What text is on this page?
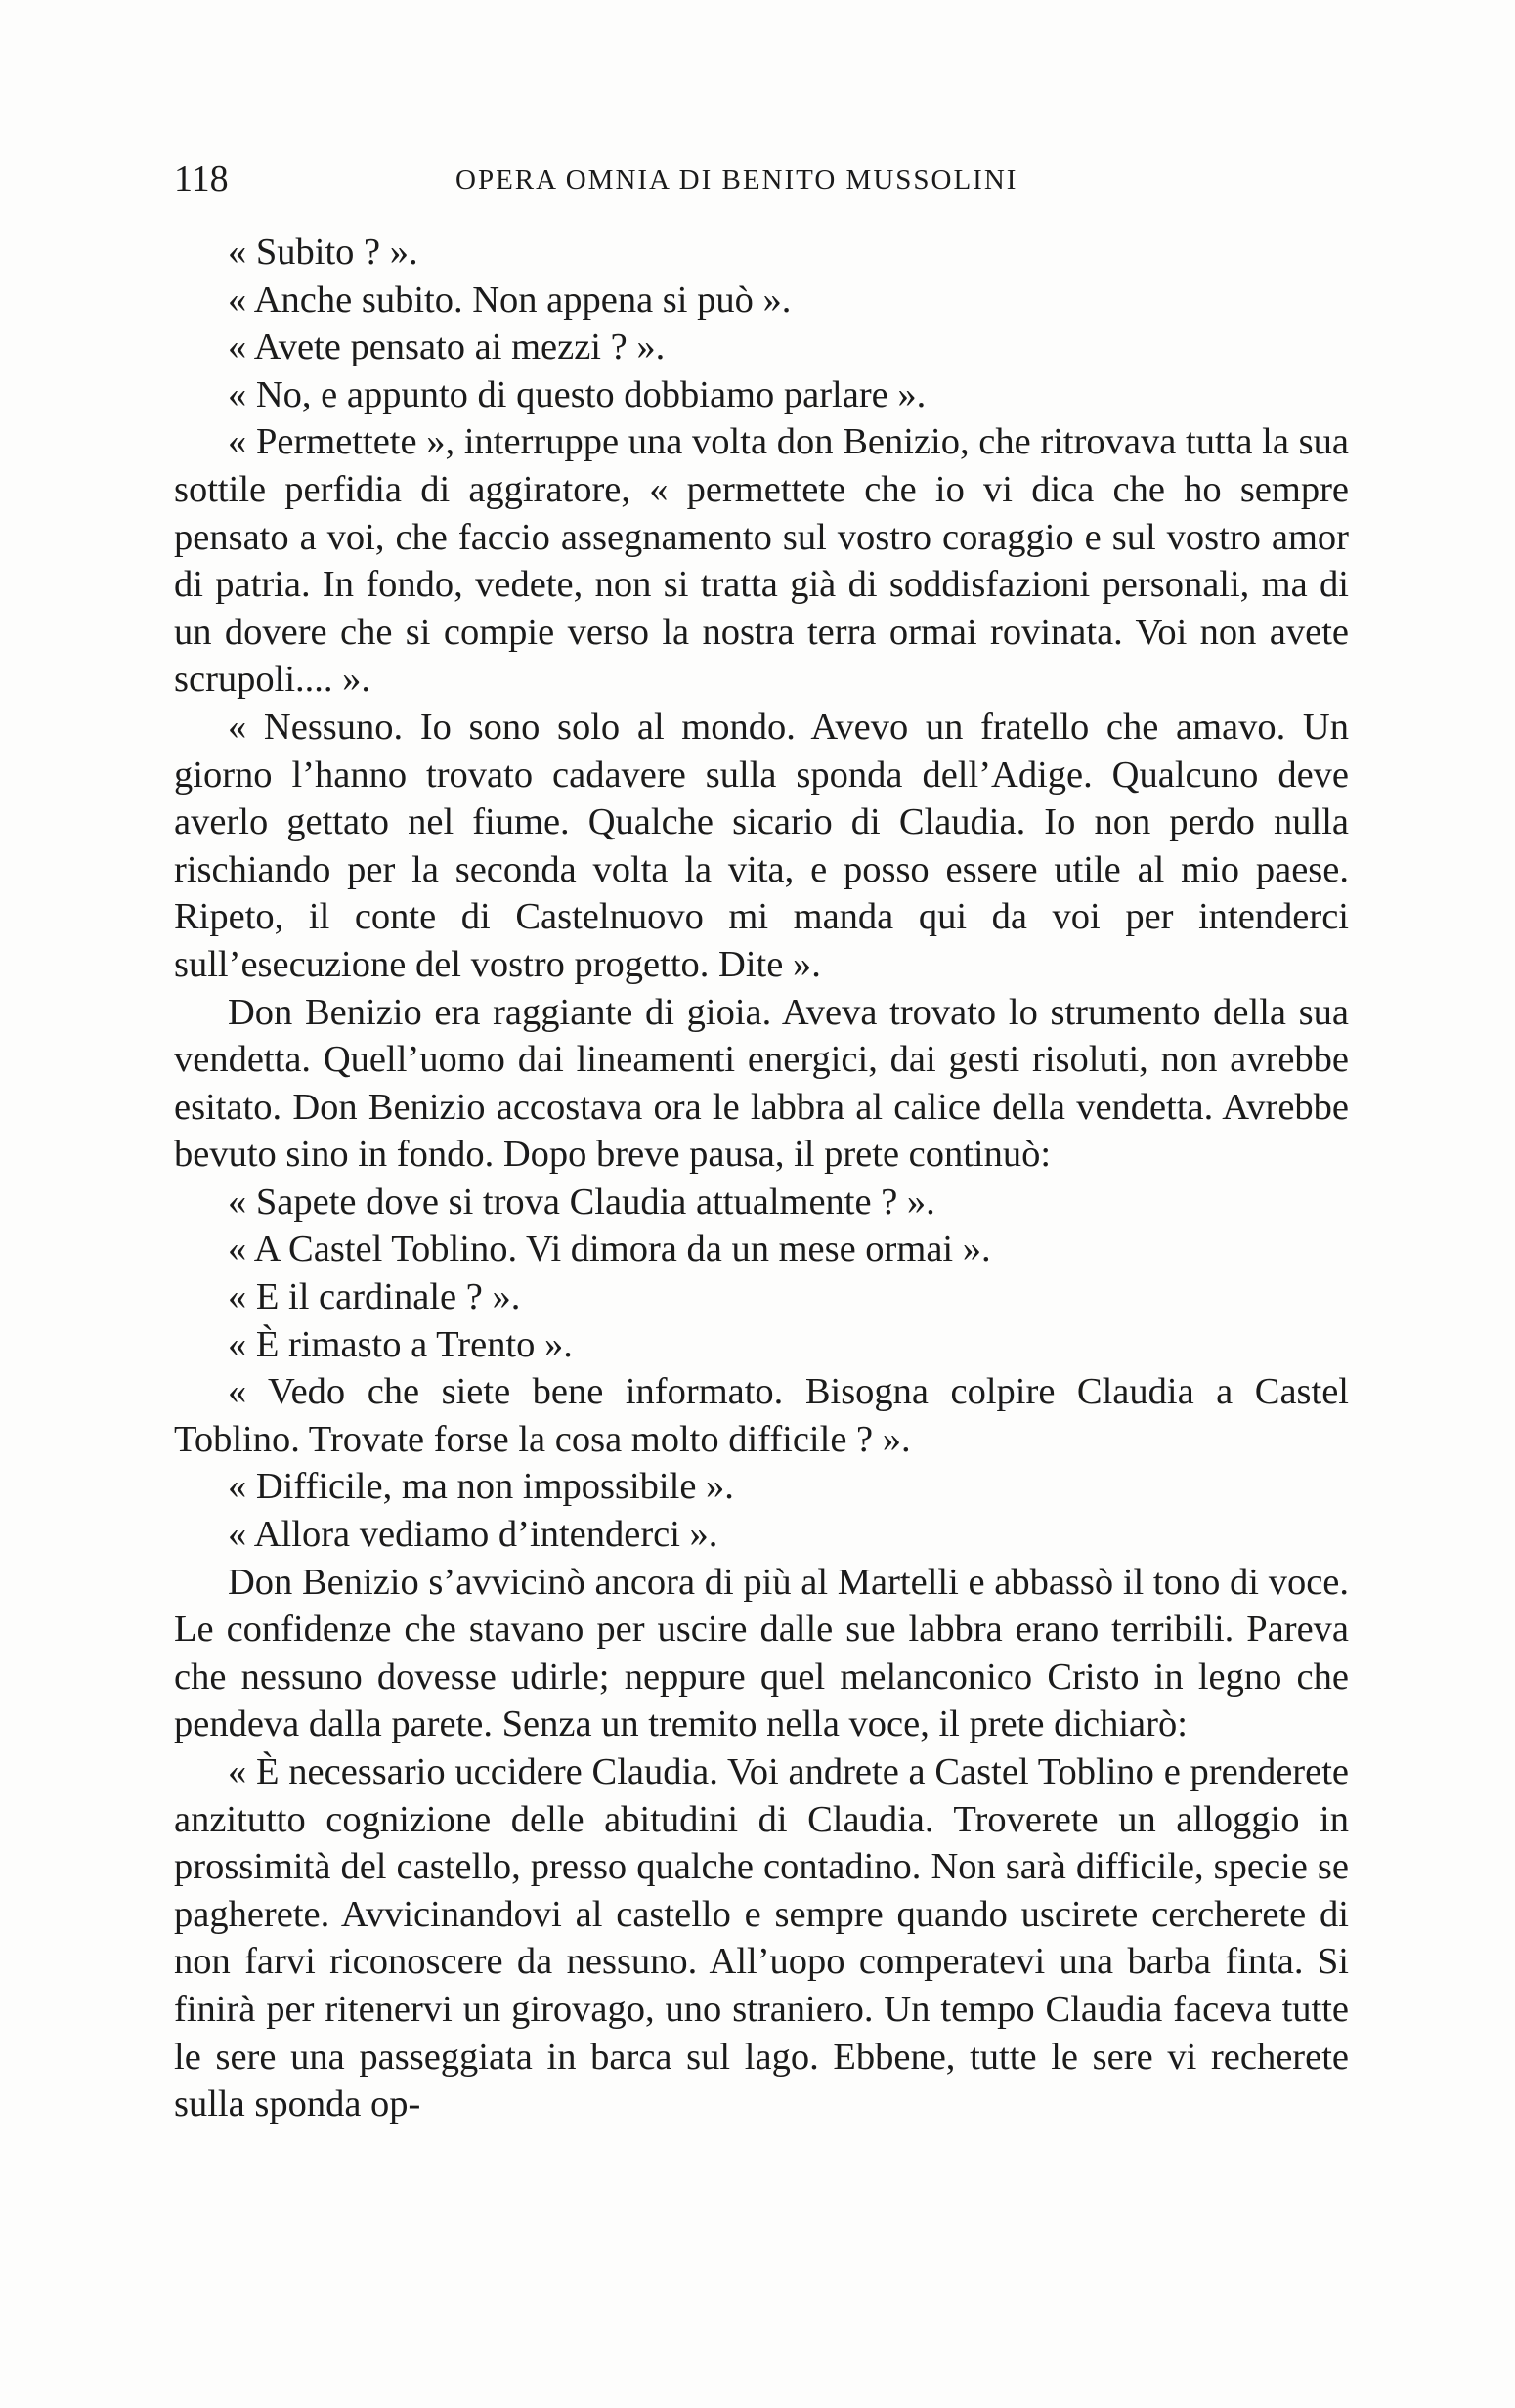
118	OPERA OMNIA DI BENITO MUSSOLINI

« Subito ? ».

« Anche subito. Non appena si può ».

« Avete pensato ai mezzi ? ».

« No, e appunto di questo dobbiamo parlare ».

« Permettete », interruppe una volta don Benizio, che ritrovava tutta la sua sottile perfidia di aggiratore, « permettete che io vi dica che ho sempre pensato a voi, che faccio assegnamento sul vostro coraggio e sul vostro amor di patria. In fondo, vedete, non si tratta già di soddisfazioni personali, ma di un dovere che si compie verso la nostra terra ormai rovinata. Voi non avete scrupoli.... ».

« Nessuno. Io sono solo al mondo. Avevo un fratello che amavo. Un giorno l’hanno trovato cadavere sulla sponda dell’Adige. Qualcuno deve averlo gettato nel fiume. Qualche sicario di Claudia. Io non perdo nulla rischiando per la seconda volta la vita, e posso essere utile al mio paese. Ripeto, il conte di Castelnuovo mi manda qui da voi per intenderci sull’esecuzione del vostro progetto. Dite ».

Don Benizio era raggiante di gioia. Aveva trovato lo strumento della sua vendetta. Quell’uomo dai lineamenti energici, dai gesti risoluti, non avrebbe esitato. Don Benizio accostava ora le labbra al calice della vendetta. Avrebbe bevuto sino in fondo. Dopo breve pausa, il prete continuò:

« Sapete dove si trova Claudia attualmente ? ».

« A Castel Toblino. Vi dimora da un mese ormai ».

« E il cardinale ? ».

« È rimasto a Trento ».

« Vedo che siete bene informato. Bisogna colpire Claudia a Castel Toblino. Trovate forse la cosa molto difficile ? ».

« Difficile, ma non impossibile ».

« Allora vediamo d’intenderci ».

Don Benizio s’avvicinò ancora di più al Martelli e abbassò il tono di voce. Le confidenze che stavano per uscire dalle sue labbra erano terribili. Pareva che nessuno dovesse udirle; neppure quel melanconico Cristo in legno che pendeva dalla parete. Senza un tremito nella voce, il prete dichiarò:

« È necessario uccidere Claudia. Voi andrete a Castel Toblino e prenderete anzitutto cognizione delle abitudini di Claudia. Troverete un alloggio in prossimità del castello, presso qualche contadino. Non sarà difficile, specie se pagherete. Avvicinandovi al castello e sempre quando uscirete cercherete di non farvi riconoscere da nessuno. All’uopo comperatevi una barba finta. Si finirà per ritenervi un girovago, uno straniero. Un tempo Claudia faceva tutte le sere una passeggiata in barca sul lago. Ebbene, tutte le sere vi recherete sulla sponda op-
